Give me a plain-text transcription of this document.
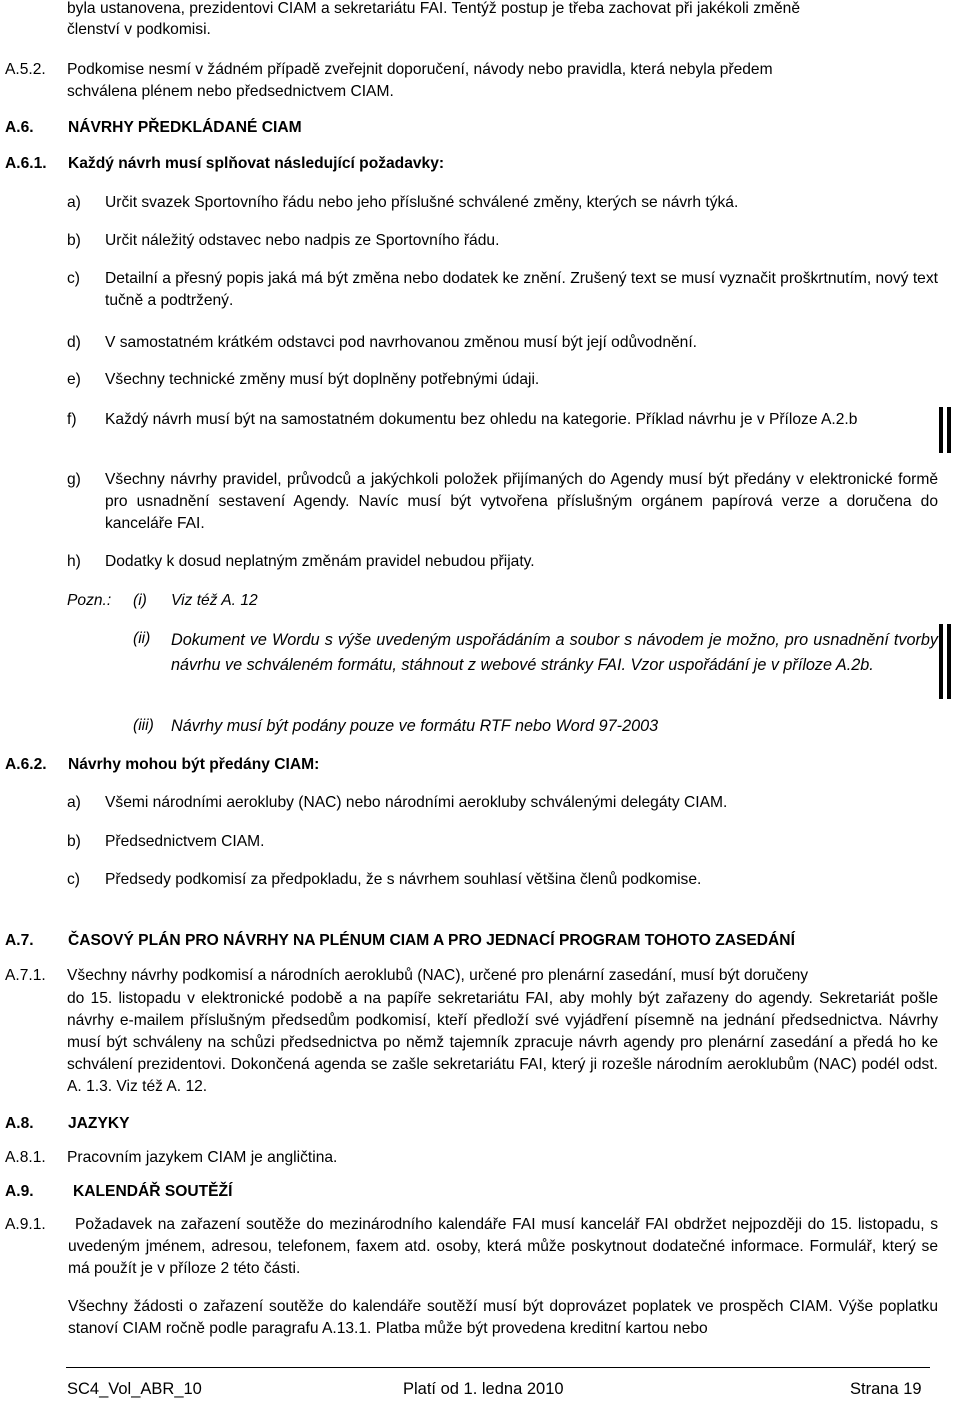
byla ustanovena, prezidentovi CIAM a sekretariátu FAI. Tentýž postup je třeba zachovat při jakékoli změně
členství v podkomisi.
A.5.2. Podkomise nesmí v žádném případě zveřejnit doporučení, návody nebo pravidla, která nebyla předem
schválena plénem nebo předsednictvem CIAM.
A.6. NÁVRHY PŘEDKLÁDANÉ CIAM
A.6.1. Každý návrh musí splňovat následující požadavky:
a) Určit svazek Sportovního řádu nebo jeho příslušné schválené změny, kterých se návrh týká.
b) Určit náležitý odstavec nebo nadpis ze Sportovního řádu.
c) Detailní a přesný popis jaká má být změna nebo dodatek ke znění. Zrušený text se musí vyznačit proškrtnutím, nový text tučně a podtržený.
d) V samostatném krátkém odstavci pod navrhovanou změnou musí být její odůvodnění.
e) Všechny technické změny musí být doplněny potřebnými údaji.
f) Každý návrh musí být na samostatném dokumentu bez ohledu na kategorie. Příklad návrhu je v Příloze A.2.b
g) Všechny návrhy pravidel, průvodců a jakýchkoli položek přijímaných do Agendy musí být předány v elektronické formě pro usnadnění sestavení Agendy. Navíc musí být vytvořena příslušným orgánem papírová verze a doručena do kanceláře FAI.
h) Dodatky k dosud neplatným změnám pravidel nebudou přijaty.
Pozn.: (i) Viz též A. 12
(ii) Dokument ve Wordu s výše uvedeným uspořádáním a soubor s návodem je možno, pro usnadnění tvorby návrhu ve schváleném formátu, stáhnout z webové stránky FAI. Vzor uspořádání je v příloze A.2b.
(iii) Návrhy musí být podány pouze ve formátu RTF nebo Word 97-2003
A.6.2. Návrhy mohou být předány CIAM:
a) Všemi národními aerokluby (NAC) nebo národními aerokluby schválenými delegáty CIAM.
b) Předsednictvem CIAM.
c) Předsedy podkomisí za předpokladu, že s návrhem souhlasí většina členů podkomise.
A.7. ČASOVÝ PLÁN PRO NÁVRHY NA PLÉNUM CIAM A PRO JEDNACÍ PROGRAM TOHOTO ZASEDÁNÍ
A.7.1. Všechny návrhy podkomisí a národních aeroklubů (NAC), určené pro plenární zasedání, musí být doručeny
do 15. listopadu v elektronické podobě a na papíře sekretariátu FAI, aby mohly být zařazeny do agendy. Sekretariát pošle návrhy e-mailem příslušným předsedům podkomisí, kteří předloží své vyjádření písemně na jednání předsednictva. Návrhy musí být schváleny na schůzi předsednictva po němž tajemník zpracuje návrh agendy pro plenární zasedání a předá ho ke schválení prezidentovi. Dokončená agenda se zašle sekretariátu FAI, který ji rozešle národním aeroklubům (NAC) podél odst. A. 1.3. Viz též A. 12.
A.8. JAZYKY
A.8.1. Pracovním jazykem CIAM je angličtina.
A.9.	KALENDÁŘ SOUTĚŽÍ
A.9.1.	Požadavek na zařazení soutěže do mezinárodního kalendáře FAI musí kancelář FAI obdržet nejpozději do 15. listopadu, s uvedeným jménem, adresou, telefonem, faxem atd. osoby, která může poskytnout dodatečné informace. Formulář, který se má použít je v příloze 2 této části.
Všechny žádosti o zařazení soutěže do kalendáře soutěží musí být doprovázet poplatek ve prospěch CIAM. Výše poplatku stanoví CIAM ročně podle paragrafu A.13.1. Platba může být provedena kreditní kartou nebo
SC4_Vol_ABR_10	Platí od 1. ledna 2010	Strana 19
